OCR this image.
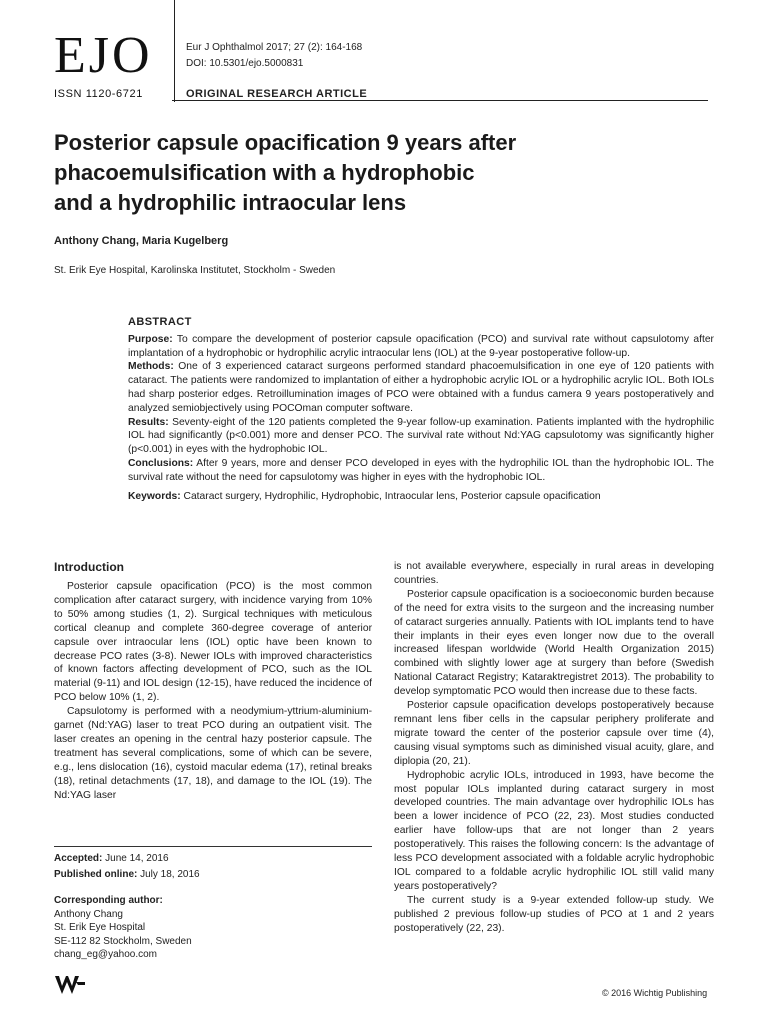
EJO
ISSN 1120-6721
Eur J Ophthalmol 2017; 27 (2): 164-168
DOI: 10.5301/ejo.5000831
ORIGINAL RESEARCH ARTICLE
Posterior capsule opacification 9 years after
phacoemulsification with a hydrophobic
and a hydrophilic intraocular lens
Anthony Chang, Maria Kugelberg
St. Erik Eye Hospital, Karolinska Institutet, Stockholm - Sweden
ABSTRACT

Purpose: To compare the development of posterior capsule opacification (PCO) and survival rate without capsulotomy after implantation of a hydrophobic or hydrophilic acrylic intraocular lens (IOL) at the 9-year postoperative follow-up.

Methods: One of 3 experienced cataract surgeons performed standard phacoemulsification in one eye of 120 patients with cataract. The patients were randomized to implantation of either a hydrophobic acrylic IOL or a hydrophilic acrylic IOL. Both IOLs had sharp posterior edges. Retroillumination images of PCO were obtained with a fundus camera 9 years postoperatively and analyzed semiobjectively using POCOman computer software.

Results: Seventy-eight of the 120 patients completed the 9-year follow-up examination. Patients implanted with the hydrophilic IOL had significantly (p<0.001) more and denser PCO. The survival rate without Nd:YAG capsulotomy was significantly higher (p<0.001) in eyes with the hydrophobic IOL.

Conclusions: After 9 years, more and denser PCO developed in eyes with the hydrophilic IOL than the hydrophobic IOL. The survival rate without the need for capsulotomy was higher in eyes with the hydrophobic IOL.

Keywords: Cataract surgery, Hydrophilic, Hydrophobic, Intraocular lens, Posterior capsule opacification

Introduction

Posterior capsule opacification (PCO) is the most common complication after cataract surgery, with incidence varying from 10% to 50% among studies (1, 2). Surgical techniques with meticulous cortical cleanup and complete 360-degree coverage of anterior capsule over intraocular lens (IOL) optic have been known to decrease PCO rates (3-8). Newer IOLs with improved characteristics of known factors affecting development of PCO, such as the IOL material (9-11) and IOL design (12-15), have reduced the incidence of PCO below 10% (1, 2).

Capsulotomy is performed with a neodymium-yttrium-aluminium-garnet (Nd:YAG) laser to treat PCO during an outpatient visit. The laser creates an opening in the central hazy posterior capsule. The treatment has several complications, some of which can be severe, e.g., lens dislocation (16), cystoid macular edema (17), retinal breaks (18), retinal detachments (17, 18), and damage to the IOL (19). The Nd:YAG laser

is not available everywhere, especially in rural areas in developing countries.

Posterior capsule opacification is a socioeconomic burden because of the need for extra visits to the surgeon and the increasing number of cataract surgeries annually. Patients with IOL implants tend to have their implants in their eyes even longer now due to the overall increased lifespan worldwide (World Health Organization 2015) combined with slightly lower age at surgery than before (Swedish National Cataract Registry; Kataraktregistret 2013). The probability to develop symptomatic PCO would then increase due to these facts.

Posterior capsule opacification develops postoperatively because remnant lens fiber cells in the capsular periphery proliferate and migrate toward the center of the posterior capsule over time (4), causing visual symptoms such as diminished visual acuity, glare, and diplopia (20, 21).

Hydrophobic acrylic IOLs, introduced in 1993, have become the most popular IOLs implanted during cataract surgery in most developed countries. The main advantage over hydrophilic IOLs has been a lower incidence of PCO (22, 23). Most studies conducted earlier have follow-ups that are not longer than 2 years postoperatively. This raises the following concern: Is the advantage of less PCO development associated with a foldable acrylic hydrophobic IOL compared to a foldable acrylic hydrophilic IOL still valid many years postoperatively?

The current study is a 9-year extended follow-up study. We published 2 previous follow-up studies of PCO at 1 and 2 years postoperatively (22, 23).

Accepted: June 14, 2016
Published online: July 18, 2016
Corresponding author:
Anthony Chang
St. Erik Eye Hospital
SE-112 82 Stockholm, Sweden
chang_eg@yahoo.com
© 2016 Wichtig Publishing
